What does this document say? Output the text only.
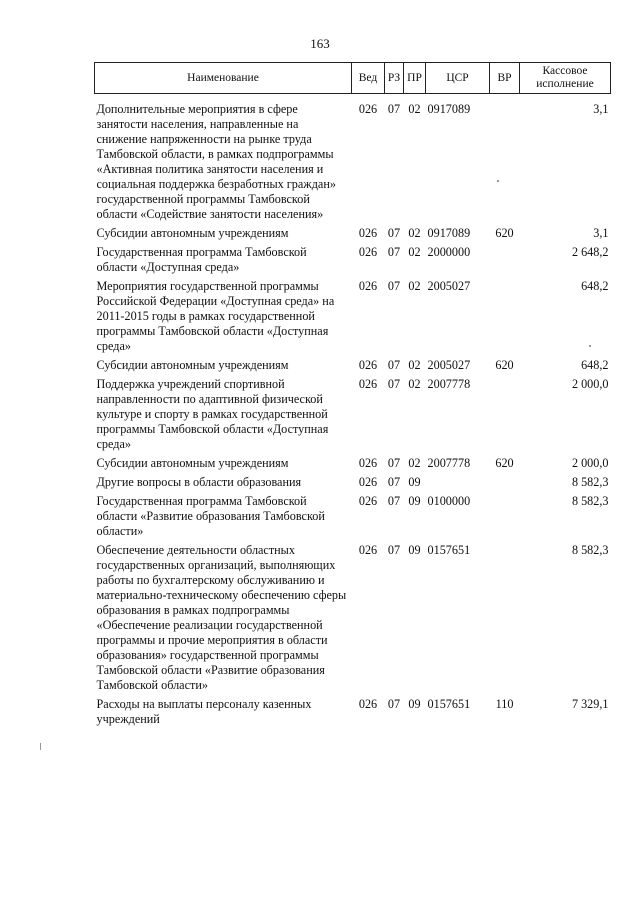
163
Наименование	Вед	РЗ	ПР	ЦСР	ВР	Кассовое исполнение

Дополнительные мероприятия в сфере занятости населения, направленные на снижение напряженности на рынке труда Тамбовской области, в рамках подпрограммы «Активная политика занятости населения и социальная поддержка безработных граждан» государственной программы Тамбовской области «Содействие занятости населения»	026	07	02	0917089		3,1
Субсидии автономным учреждениям	026	07	02	0917089	620	3,1
Государственная программа Тамбовской области «Доступная среда»	026	07	02	2000000		2 648,2
Мероприятия государственной программы Российской Федерации «Доступная среда» на 2011-2015 годы в рамках государственной программы Тамбовской области «Доступная среда»	026	07	02	2005027		648,2
Субсидии автономным учреждениям	026	07	02	2005027	620	648,2
Поддержка учреждений спортивной направленности по адаптивной физической культуре и спорту в рамках государственной программы Тамбовской области «Доступная среда»	026	07	02	2007778		2 000,0
Субсидии автономным учреждениям	026	07	02	2007778	620	2 000,0
Другие вопросы в области образования	026	07	09			8 582,3
Государственная программа Тамбовской области «Развитие образования Тамбовской области»	026	07	09	0100000		8 582,3
Обеспечение деятельности областных государственных организаций, выполняющих работы по бухгалтерскому обслуживанию и материально-техническому обеспечению сферы образования в рамках подпрограммы «Обеспечение реализации государственной программы и прочие мероприятия в области образования» государственной программы Тамбовской области «Развитие образования Тамбовской области»	026	07	09	0157651		8 582,3
Расходы на выплаты персоналу казенных учреждений	026	07	09	0157651	110	7 329,1
